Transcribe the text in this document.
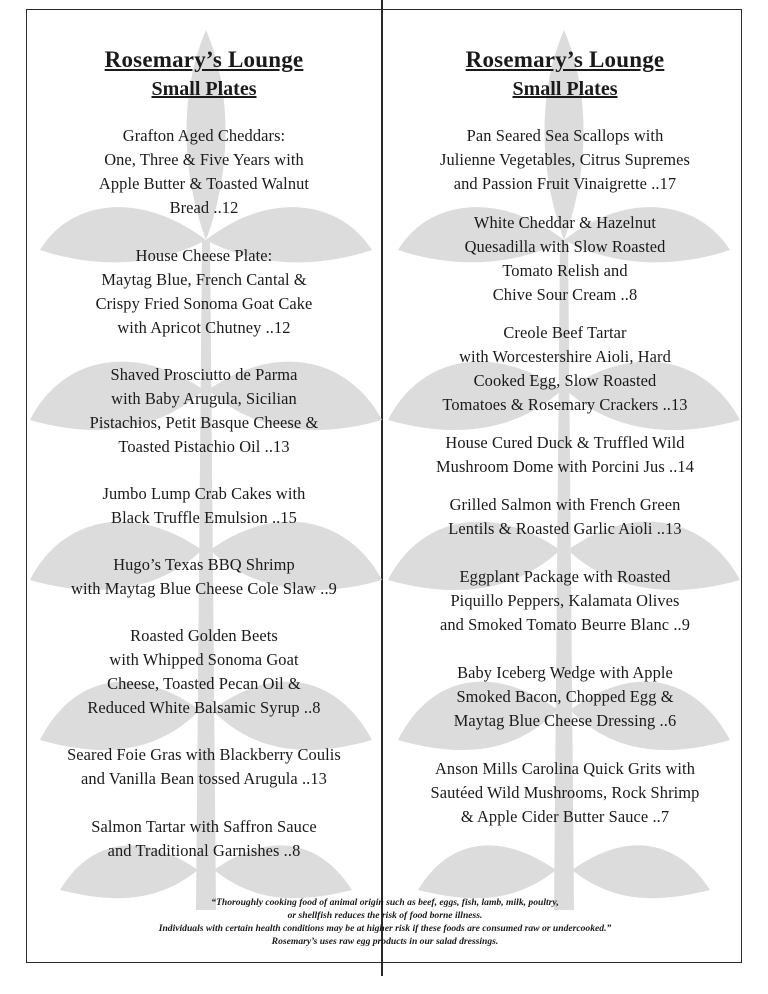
Rosemary’s Lounge
Small Plates

Grafton Aged Cheddars:
One, Three & Five Years with
Apple Butter & Toasted Walnut
Bread ..12

House Cheese Plate:
Maytag Blue, French Cantal &
Crispy Fried Sonoma Goat Cake
with Apricot Chutney ..12

Shaved Prosciutto de Parma
with Baby Arugula, Sicilian
Pistachios, Petit Basque Cheese &
Toasted Pistachio Oil ..13

Jumbo Lump Crab Cakes with
Black Truffle Emulsion ..15

Hugo’s Texas BBQ Shrimp
with Maytag Blue Cheese Cole Slaw ..9

Roasted Golden Beets
with Whipped Sonoma Goat
Cheese, Toasted Pecan Oil &
Reduced White Balsamic Syrup ..8

Seared Foie Gras with Blackberry Coulis
and Vanilla Bean tossed Arugula ..13

Salmon Tartar with Saffron Sauce
and Traditional Garnishes ..8

Rosemary’s Lounge
Small Plates

Pan Seared Sea Scallops with
Julienne Vegetables, Citrus Supremes
and Passion Fruit Vinaigrette ..17

White Cheddar & Hazelnut
Quesadilla with Slow Roasted
Tomato Relish and
Chive Sour Cream ..8

Creole Beef Tartar
with Worcestershire Aioli, Hard
Cooked Egg, Slow Roasted
Tomatoes & Rosemary Crackers ..13

House Cured Duck & Truffled Wild
Mushroom Dome with Porcini Jus ..14

Grilled Salmon with French Green
Lentils & Roasted Garlic Aioli ..13

Eggplant Package with Roasted
Piquillo Peppers, Kalamata Olives
and Smoked Tomato Beurre Blanc ..9

Baby Iceberg Wedge with Apple
Smoked Bacon, Chopped Egg &
Maytag Blue Cheese Dressing ..6

Anson Mills Carolina Quick Grits with
Sautéed Wild Mushrooms, Rock Shrimp
& Apple Cider Butter Sauce ..7

“Thoroughly cooking food of animal origin such as beef, eggs, fish, lamb, milk, poultry,
or shellfish reduces the risk of food borne illness.
Individuals with certain health conditions may be at higher risk if these foods are consumed raw or undercooked.”
Rosemary’s uses raw egg products in our salad dressings.
